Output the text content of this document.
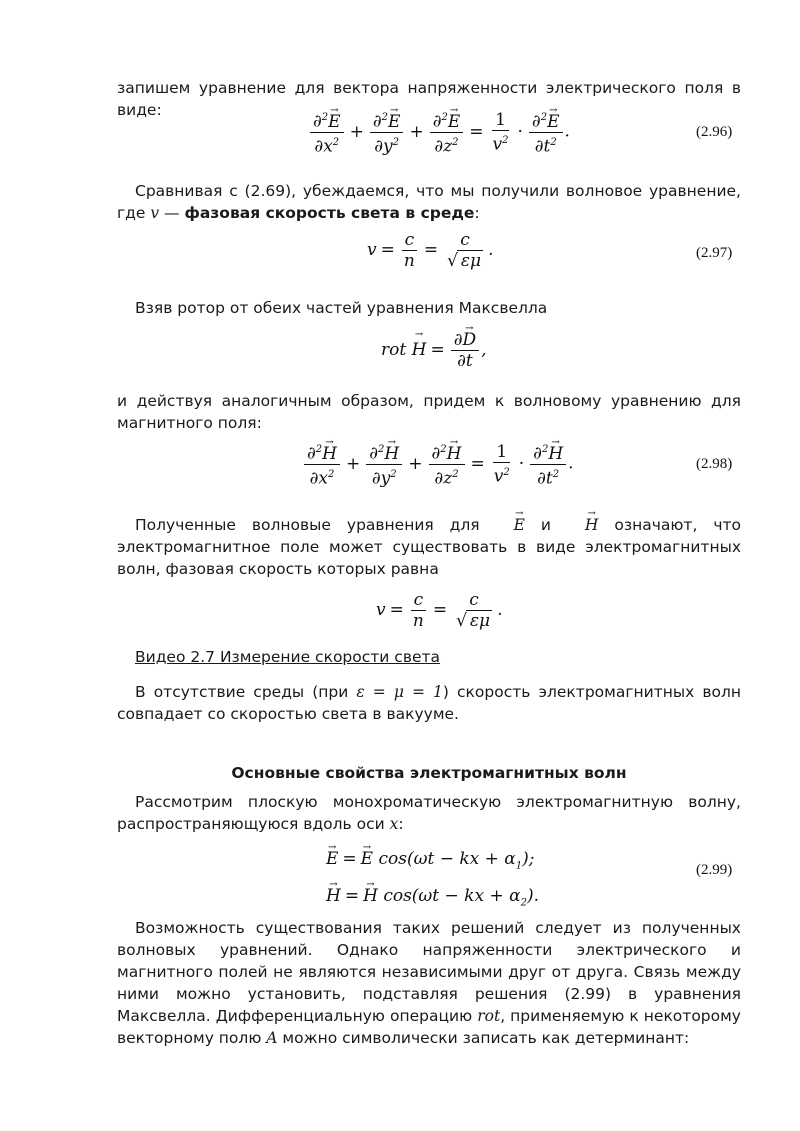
запишем уравнение для вектора напряженности электрического поля в виде:	$\frac{\partial^2\to E}{\partial x^2} + \frac{\partial^2\to E}{\partial y^2} + \frac{\partial^2\to E}{\partial z^2} = \frac{1}{v^2} \cdot \frac{\partial^2\to E}{\partial t^2}$ .	(2.96)

Сравнивая с (2.69), убеждаемся, что мы получили волновое уравнение, где v — фазовая скорость света в среде:

$v = \frac{c}{n} = \frac{c}{√ \varepsilon\mu}$ .	(2.97)

Взяв ротор от обеих частей уравнения Максвелла

rot → $H = \frac{\partial\to D}{\partial t}$ ,

и действуя аналогичным образом, придем к волновому уравнению для магнитного поля:

$\frac{\partial^2\to H}{\partial x^2} + \frac{\partial^2\to H}{\partial y^2} + \frac{\partial^2\to H}{\partial z^2} = \frac{1}{v^2} \cdot \frac{\partial^2\to H}{\partial t^2}$ .	(2.98)

Полученные волновые уравнения для → E и → H означают, что электромагнитное поле может существовать в виде электромагнитных волн, фазовая скорость которых равна

$v = \frac{c}{n} = \frac{c}{√ \varepsilon\mu}$ .
Видео 2.7 Измерение скорости света

В отсутствие среды (при ε = μ = 1) скорость электромагнитных волн совпадает со скоростью света в вакууме.

Основные свойства электромагнитных волн

Рассмотрим плоскую монохроматическую электромагнитную волну, распространяющуюся вдоль оси x:

→ E = → E cos(ωt − kx + $\alpha_1$);
→ H = → H cos(ωt − kx + $\alpha_2$).
(2.99)

Возможность существования таких решений следует из полученных волновых уравнений. Однако напряженности электрического и магнитного полей не являются независимыми друг от друга. Связь между ними можно установить, подставляя решения (2.99) в уравнения Максвелла. Дифференциальную операцию rot, применяемую к некоторому векторному полю A можно символически записать как детерминант:
